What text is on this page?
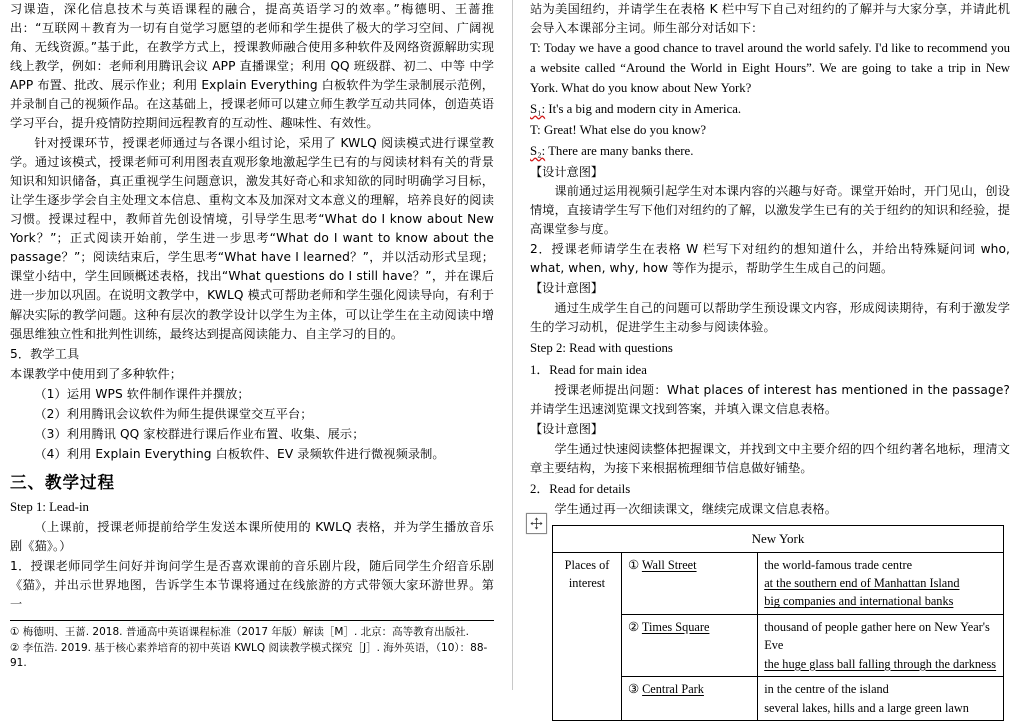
习课造，深化信息技术与英语课程的融合，提高英语学习的效率。”梅德明、王蔷推出：“互联网＋教育为一切有自觉学习愿望的老师和学生提供了极大的学习空间、广阔视角、无线资源。”基于此，在教学方式上，授课教师融合使用多种软件及网络资源解助实现线上教学，例如：老师利用腾讯会议 APP 直播课堂；利用 QQ 班级群、初二、中等 中学 APP 布置、批改、展示作业；利用 Explain Everything 白板软件为学生录制展示范例，并录制自己的视频作品。在这基础上，授课老师可以建立师生教学互动共同体，创造英语学习平台，提升疫情防控期间远程教育的互动性、趣味性、有效性。

针对授课环节，授课老师通过与各课小组讨论，采用了 KWLQ 阅读模式进行课堂教学。通过该模式，授课老师可利用图表直观形象地激起学生已有的与阅读材料有关的背景知识和知识储备，真正重视学生问题意识，激发其好奇心和求知欲的同时明确学习目标，让学生逐步学会自主处理文本信息、重构文本及加深对文本意义的理解，培养良好的阅读习惯。授课过程中，教师首先创设情境，引导学生思考“What do I know about New York？”；正式阅读开始前，学生进一步思考“What do I want to know about the passage？”；阅读结束后，学生思考“What have I learned？”，并以活动形式呈现；课堂小结中，学生回顾概述表格，找出“What questions do I still have？”，并在课后进一步加以巩固。在说明文教学中，KWLQ 模式可帮助老师和学生强化阅读导向，有利于解决实际的教学问题。这种有层次的教学设计以学生为主体，可以让学生在主动阅读中增强思维独立性和批判性训练，最终达到提高阅读能力、自主学习的目的。

5．教学工具

本课教学中使用到了多种软件；

（1）运用 WPS 软件制作课件并撰放；

（2）利用腾讯会议软件为师生提供课堂交互平台；

（3）利用腾讯 QQ 家校群进行课后作业布置、收集、展示；

（4）利用 Explain Everything 白板软件、EV 录频软件进行微视频录制。

三、教学过程

Step 1: Lead-in

（上课前，授课老师提前给学生发送本课所使用的 KWLQ 表格，并为学生播放音乐剧《猫》。）

1．授课老师同学生问好并询问学生是否喜欢课前的音乐剧片段，随后同学生介绍音乐剧《猫》，并出示世界地图，告诉学生本节课将通过在线旅游的方式带领大家环游世界。第一

① 梅德明、王蔷. 2018. 普通高中英语课程标准（2017 年版）解读［M］. 北京：高等教育出版社.
② 李伍浩. 2019. 基于核心素养培育的初中英语 KWLQ 阅读教学模式探究［J］. 海外英语，（10）：88-91.

站为美国纽约，并请学生在表格 K 栏中写下自己对纽约的了解并与大家分享，并请此机会导入本课部分主词。师生部分对话如下：

T: Today we have a good chance to travel around the world safely. I'd like to recommend you a website called “Around the World in Eight Hours”. We are going to take a trip in New York. What do you know about New York?

S₁: It's a big and modern city in America.

T: Great! What else do you know?

S₂: There are many banks there.

【设计意图】

课前通过运用视频引起学生对本课内容的兴趣与好奇。课堂开始时，开门见山，创设情境，直接请学生写下他们对纽约的了解，以激发学生已有的关于纽约的知识和经验，提高课堂参与度。

2．授课老师请学生在表格 W 栏写下对纽约的想知道什么，并给出特殊疑问词 who, what, when, why, how 等作为提示，帮助学生生成自己的问题。

【设计意图】

通过生成学生自己的问题可以帮助学生预设课文内容，形成阅读期待，有利于激发学生的学习动机，促进学生主动参与阅读体验。

Step 2: Read with questions

1．Read for main idea

授课老师提出问题：What places of interest has mentioned in the passage?并请学生迅速浏览课文找到答案，并填入课文信息表格。

【设计意图】

学生通过快速阅读整体把握课文，并找到文中主要介绍的四个纽约著名地标，理清文章主要结构，为接下来根据梳理细节信息做好铺垫。

2．Read for details

学生通过再一次细读课文，继续完成课文信息表格。

New York		
Places of interest	① Wall Street	the world-famous trade centre
at the southern end of Manhattan Island
big companies and international banks

	② Times Square	thousand of people gather here on New Year's Eve
the huge glass ball falling through the darkness

	③ Central Park	in the centre of the island
several lakes, hills and a large green lawn
